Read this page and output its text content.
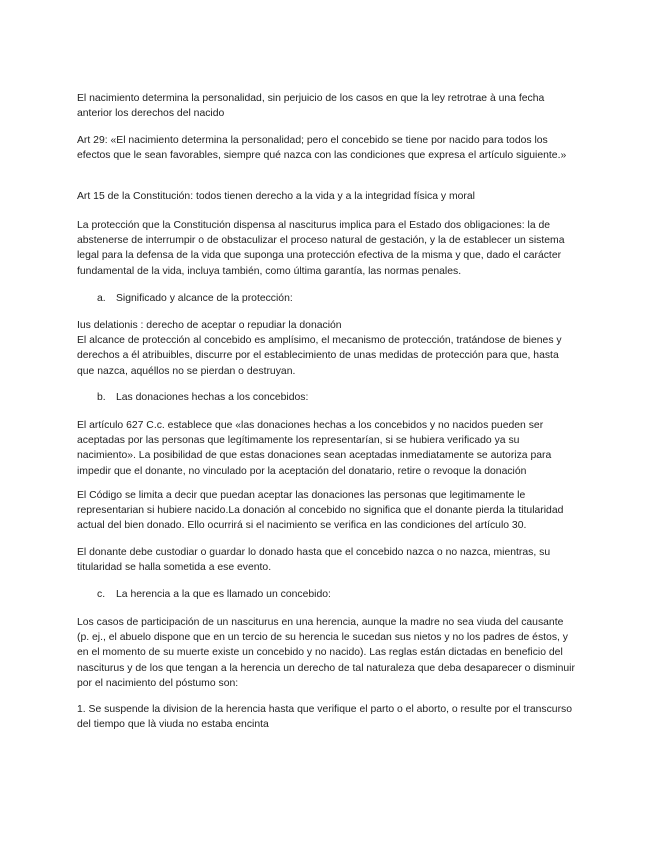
El nacimiento determina la personalidad, sin perjuicio de los casos en que la ley retrotrae à una fecha anterior los derechos del nacido

Art 29: «El nacimiento determina la personalidad; pero el concebido se tiene por nacido para todos los efectos que le sean favorables, siempre qué nazca con las condiciones que expresa el artículo siguiente.»

Art 15 de la Constitución: todos tienen derecho a la vida y a la integridad física y moral

La protección que la Constitución dispensa al nasciturus implica para el Estado dos obligaciones: la de abstenerse de interrumpir o de obstaculizar el proceso natural de gestación, y la de establecer un sistema legal para la defensa de la vida que suponga una protección efectiva de la misma y que, dado el carácter fundamental de la vida, incluya también, como última garantía, las normas penales.

a. Significado y alcance de la protección:

Ius delationis : derecho de aceptar o repudiar la donación

El alcance de protección al concebido es amplísimo, el mecanismo de protección, tratándose de bienes y derechos a él atribuibles, discurre por el establecimiento de unas medidas de protección para que, hasta que nazca, aquéllos no se pierdan o destruyan.

b. Las donaciones hechas a los concebidos:

El artículo 627 C.c. establece que «las donaciones hechas a los concebidos y no nacidos pueden ser aceptadas por las personas que legítimamente los representarían, si se hubiera verificado ya su nacimiento». La posibilidad de que estas donaciones sean aceptadas inmediatamente se autoriza para impedir que el donante, no vinculado por la aceptación del donatario, retire o revoque la donación

El Código se limita a decir que puedan aceptar las donaciones las personas que legitimamente le representarian si hubiere nacido.La donación al concebido no significa que el donante pierda la titularidad actual del bien donado. Ello ocurrirá si el nacimiento se verifica en las condiciones del artículo 30.

El donante debe custodiar o guardar lo donado hasta que el concebido nazca o no nazca, mientras, su titularidad se halla sometida a ese evento.

c. La herencia a la que es llamado un concebido:

Los casos de participación de un nasciturus en una herencia, aunque la madre no sea viuda del causante (p. ej., el abuelo dispone que en un tercio de su herencia le sucedan sus nietos y no los padres de éstos, y en el momento de su muerte existe un concebido y no nacido). Las reglas están dictadas en beneficio del nasciturus y de los que tengan a la herencia un derecho de tal naturaleza que deba desaparecer o disminuir por el nacimiento del póstumo son:

1. Se suspende la division de la herencia hasta que verifique el parto o el aborto, o resulte por el transcurso del tiempo que là viuda no estaba encinta
